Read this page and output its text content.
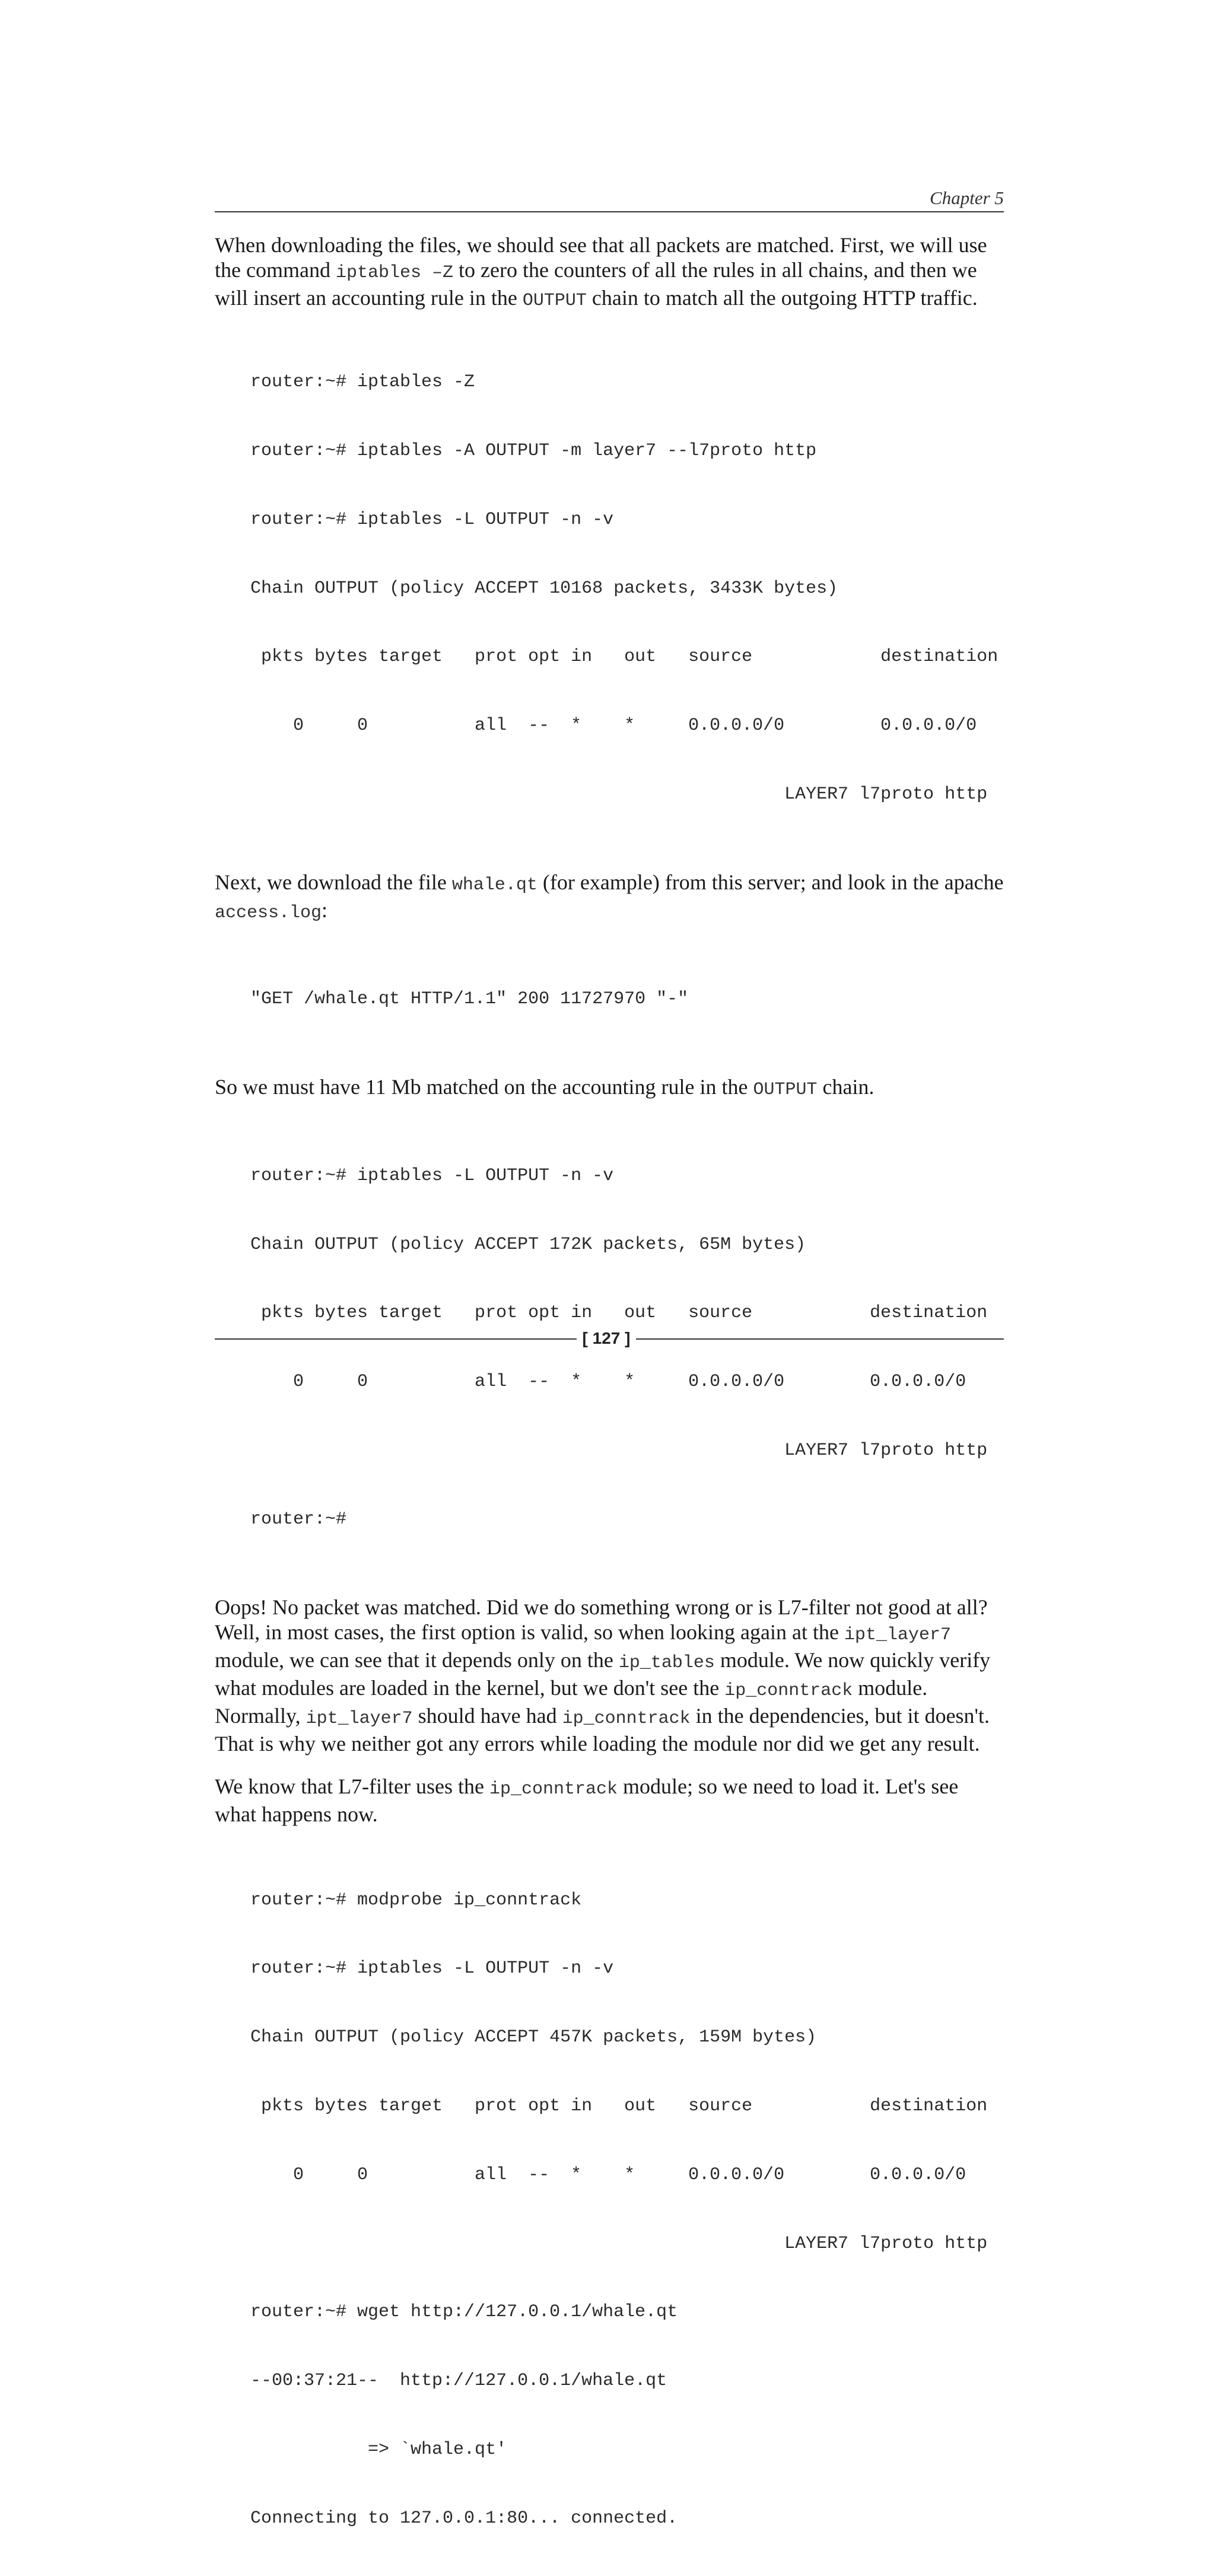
Chapter 5

When downloading the files, we should see that all packets are matched. First, we will use the command iptables –Z to zero the counters of all the rules in all chains, and then we will insert an accounting rule in the OUTPUT chain to match all the outgoing HTTP traffic.

router:~# iptables -Z

router:~# iptables -A OUTPUT -m layer7 --l7proto http

router:~# iptables -L OUTPUT -n -v

Chain OUTPUT (policy ACCEPT 10168 packets, 3433K bytes)

pkts bytes target   prot opt in   out   source            destination

0     0          all  --  *    *     0.0.0.0/0         0.0.0.0/0

LAYER7 l7proto http

Next, we download the file whale.qt (for example) from this server; and look in the apache access.log:

"GET /whale.qt HTTP/1.1" 200 11727970 "-"

So we must have 11 Mb matched on the accounting rule in the OUTPUT chain.

router:~# iptables -L OUTPUT -n -v

Chain OUTPUT (policy ACCEPT 172K packets, 65M bytes)

pkts bytes target   prot opt in   out   source           destination

0     0          all  --  *    *     0.0.0.0/0        0.0.0.0/0

LAYER7 l7proto http

router:~#

Oops! No packet was matched. Did we do something wrong or is L7-filter not good at all? Well, in most cases, the first option is valid, so when looking again at the ipt_layer7 module, we can see that it depends only on the ip_tables module. We now quickly verify what modules are loaded in the kernel, but we don't see the ip_conntrack module. Normally, ipt_layer7 should have had ip_conntrack in the dependencies, but it doesn't. That is why we neither got any errors while loading the module nor did we get any result.

We know that L7-filter uses the ip_conntrack module; so we need to load it. Let's see what happens now.

router:~# modprobe ip_conntrack

router:~# iptables -L OUTPUT -n -v

Chain OUTPUT (policy ACCEPT 457K packets, 159M bytes)

pkts bytes target   prot opt in   out   source           destination

0     0          all  --  *    *     0.0.0.0/0        0.0.0.0/0

LAYER7 l7proto http

router:~# wget http://127.0.0.1/whale.qt

--00:37:21--  http://127.0.0.1/whale.qt

=> `whale.qt'

Connecting to 127.0.0.1:80... connected.

[ 127 ]
